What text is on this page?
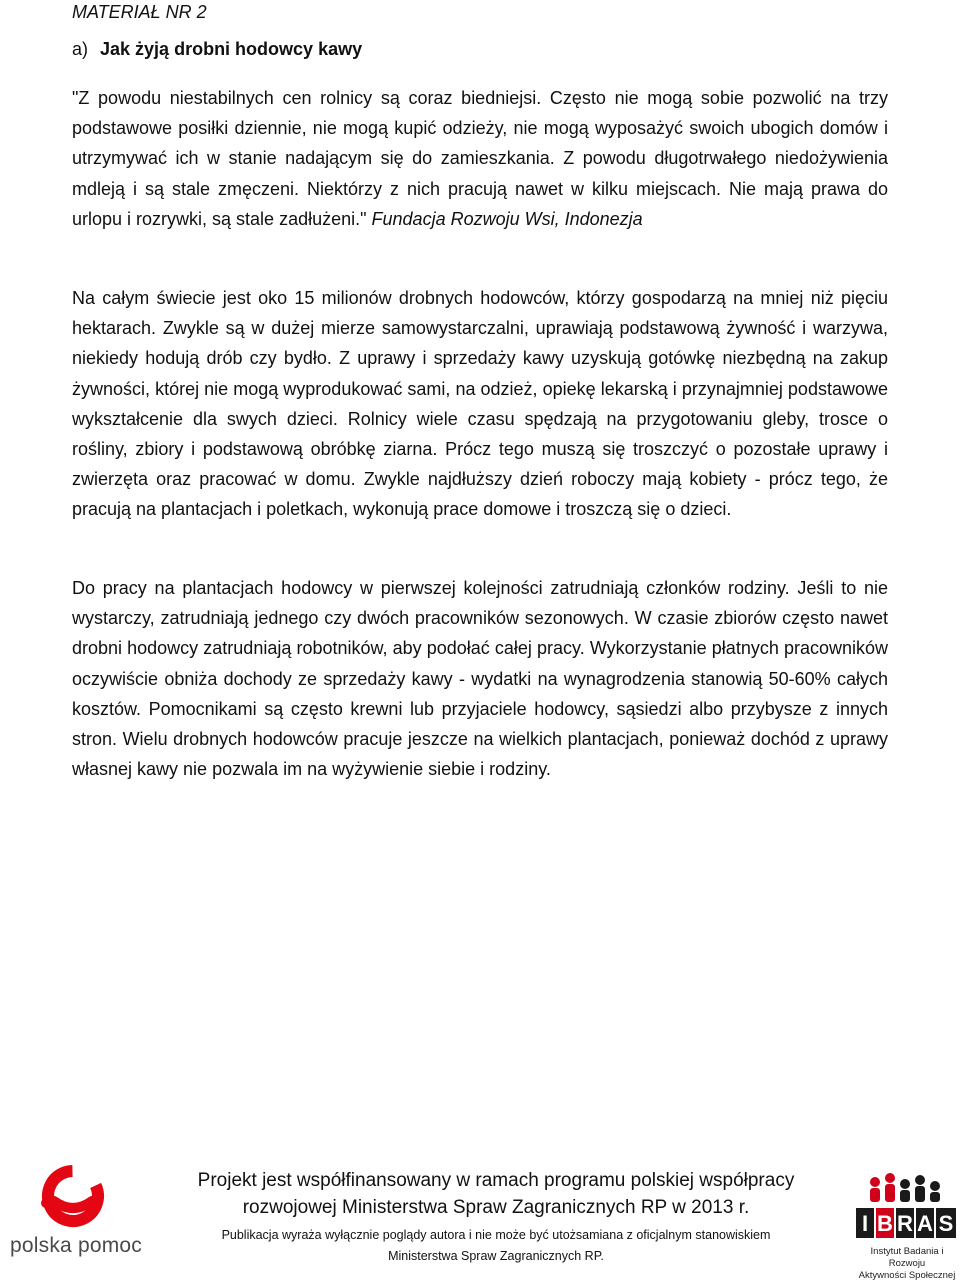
MATERIAŁ NR 2

a) Jak żyją drobni hodowcy kawy

"Z powodu niestabilnych cen rolnicy są coraz biedniejsi. Często nie mogą sobie pozwolić na trzy podstawowe posiłki dziennie, nie mogą kupić odzieży, nie mogą wyposażyć swoich ubogich domów i utrzymywać ich w stanie nadającym się do zamieszkania. Z powodu długotrwałego niedożywienia mdleją i są stale zmęczeni. Niektórzy z nich pracują nawet w kilku miejscach. Nie mają prawa do urlopu i rozrywki, są stale zadłużeni." Fundacja Rozwoju Wsi, Indonezja

Na całym świecie jest oko 15 milionów drobnych hodowców, którzy gospodarzą na mniej niż pięciu hektarach. Zwykle są w dużej mierze samowystarczalni, uprawiają podstawową żywność i warzywa, niekiedy hodują drób czy bydło. Z uprawy i sprzedaży kawy uzyskują gotówkę niezbędną na zakup żywności, której nie mogą wyprodukować sami, na odzież, opiekę lekarską i przynajmniej podstawowe wykształcenie dla swych dzieci. Rolnicy wiele czasu spędzają na przygotowaniu gleby, trosce o rośliny, zbiory i podstawową obróbkę ziarna. Prócz tego muszą się troszczyć o pozostałe uprawy i zwierzęta oraz pracować w domu. Zwykle najdłuższy dzień roboczy mają kobiety - prócz tego, że pracują na plantacjach i poletkach, wykonują prace domowe i troszczą się o dzieci.

Do pracy na plantacjach hodowcy w pierwszej kolejności zatrudniają członków rodziny. Jeśli to nie wystarczy, zatrudniają jednego czy dwóch pracowników sezonowych. W czasie zbiorów często nawet drobni hodowcy zatrudniają robotników, aby podołać całej pracy. Wykorzystanie płatnych pracowników oczywiście obniża dochody ze sprzedaży kawy - wydatki na wynagrodzenia stanowią 50-60% całych kosztów. Pomocnikami są często krewni lub przyjaciele hodowcy, sąsiedzi albo przybysze z innych stron. Wielu drobnych hodowców pracuje jeszcze na wielkich plantacjach, ponieważ dochód z uprawy własnej kawy nie pozwala im na wyżywienie siebie i rodziny.

polska pomoc

Projekt jest współfinansowany w ramach programu polskiej współpracy
rozwojowej Ministerstwa Spraw Zagranicznych RP w 2013 r.

Publikacja wyraża wyłącznie poglądy autora i nie może być utożsamiana z oficjalnym stanowiskiem
Ministerstwa Spraw Zagranicznych RP.

I B R A S
Instytut Badania i Rozwoju
Aktywności Społecznej
